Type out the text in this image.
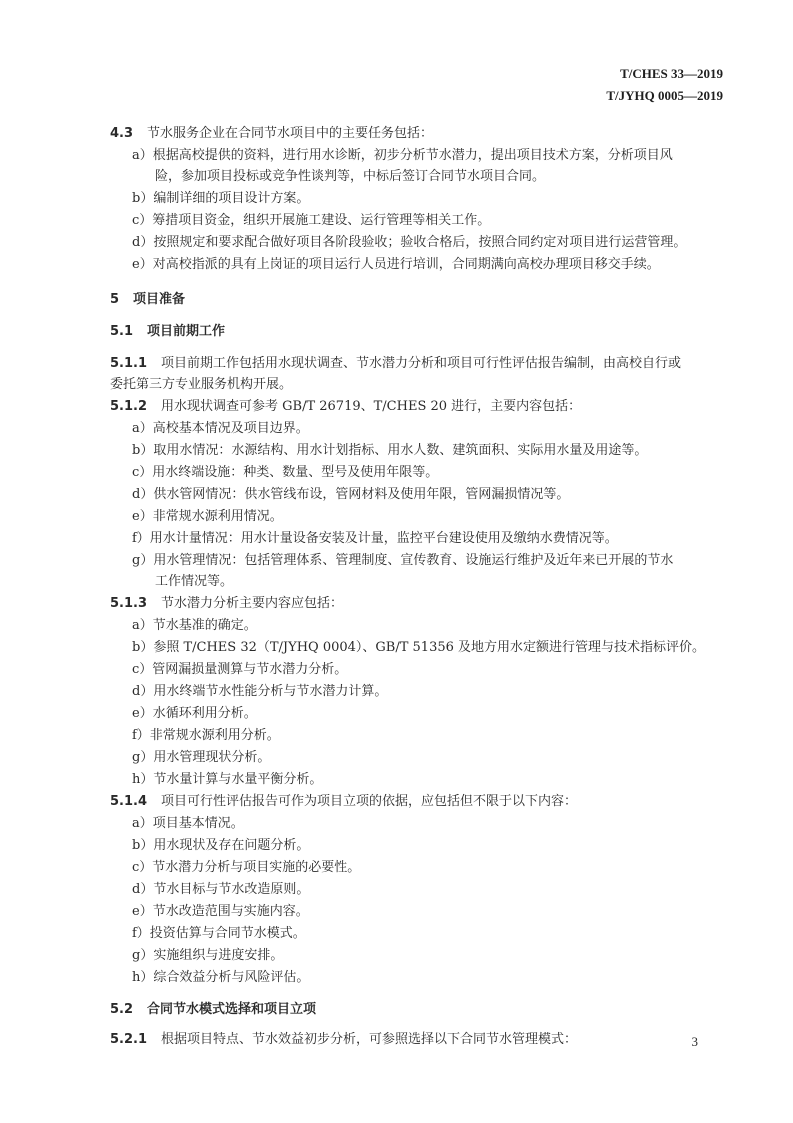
T/CHES 33—2019
T/JYHQ 0005—2019
4.3 节水服务企业在合同节水项目中的主要任务包括：
a）根据高校提供的资料，进行用水诊断，初步分析节水潜力，提出项目技术方案，分析项目风
险，参加项目投标或竞争性谈判等，中标后签订合同节水项目合同。
b）编制详细的项目设计方案。
c）筹措项目资金，组织开展施工建设、运行管理等相关工作。
d）按照规定和要求配合做好项目各阶段验收；验收合格后，按照合同约定对项目进行运营管理。
e）对高校指派的具有上岗证的项目运行人员进行培训，合同期满向高校办理项目移交手续。
5 项目准备
5.1 项目前期工作
5.1.1 项目前期工作包括用水现状调查、节水潜力分析和项目可行性评估报告编制，由高校自行或
委托第三方专业服务机构开展。
5.1.2 用水现状调查可参考 GB/T 26719、T/CHES 20 进行，主要内容包括：
a）高校基本情况及项目边界。
b）取用水情况：水源结构、用水计划指标、用水人数、建筑面积、实际用水量及用途等。
c）用水终端设施：种类、数量、型号及使用年限等。
d）供水管网情况：供水管线布设，管网材料及使用年限，管网漏损情况等。
e）非常规水源利用情况。
f）用水计量情况：用水计量设备安装及计量，监控平台建设使用及缴纳水费情况等。
g）用水管理情况：包括管理体系、管理制度、宣传教育、设施运行维护及近年来已开展的节水
工作情况等。
5.1.3 节水潜力分析主要内容应包括：
a）节水基准的确定。
b）参照 T/CHES 32（T/JYHQ 0004）、GB/T 51356 及地方用水定额进行管理与技术指标评价。
c）管网漏损量测算与节水潜力分析。
d）用水终端节水性能分析与节水潜力计算。
e）水循环利用分析。
f）非常规水源利用分析。
g）用水管理现状分析。
h）节水量计算与水量平衡分析。
5.1.4 项目可行性评估报告可作为项目立项的依据，应包括但不限于以下内容：
a）项目基本情况。
b）用水现状及存在问题分析。
c）节水潜力分析与项目实施的必要性。
d）节水目标与节水改造原则。
e）节水改造范围与实施内容。
f）投资估算与合同节水模式。
g）实施组织与进度安排。
h）综合效益分析与风险评估。
5.2 合同节水模式选择和项目立项
5.2.1 根据项目特点、节水效益初步分析，可参照选择以下合同节水管理模式：	3
